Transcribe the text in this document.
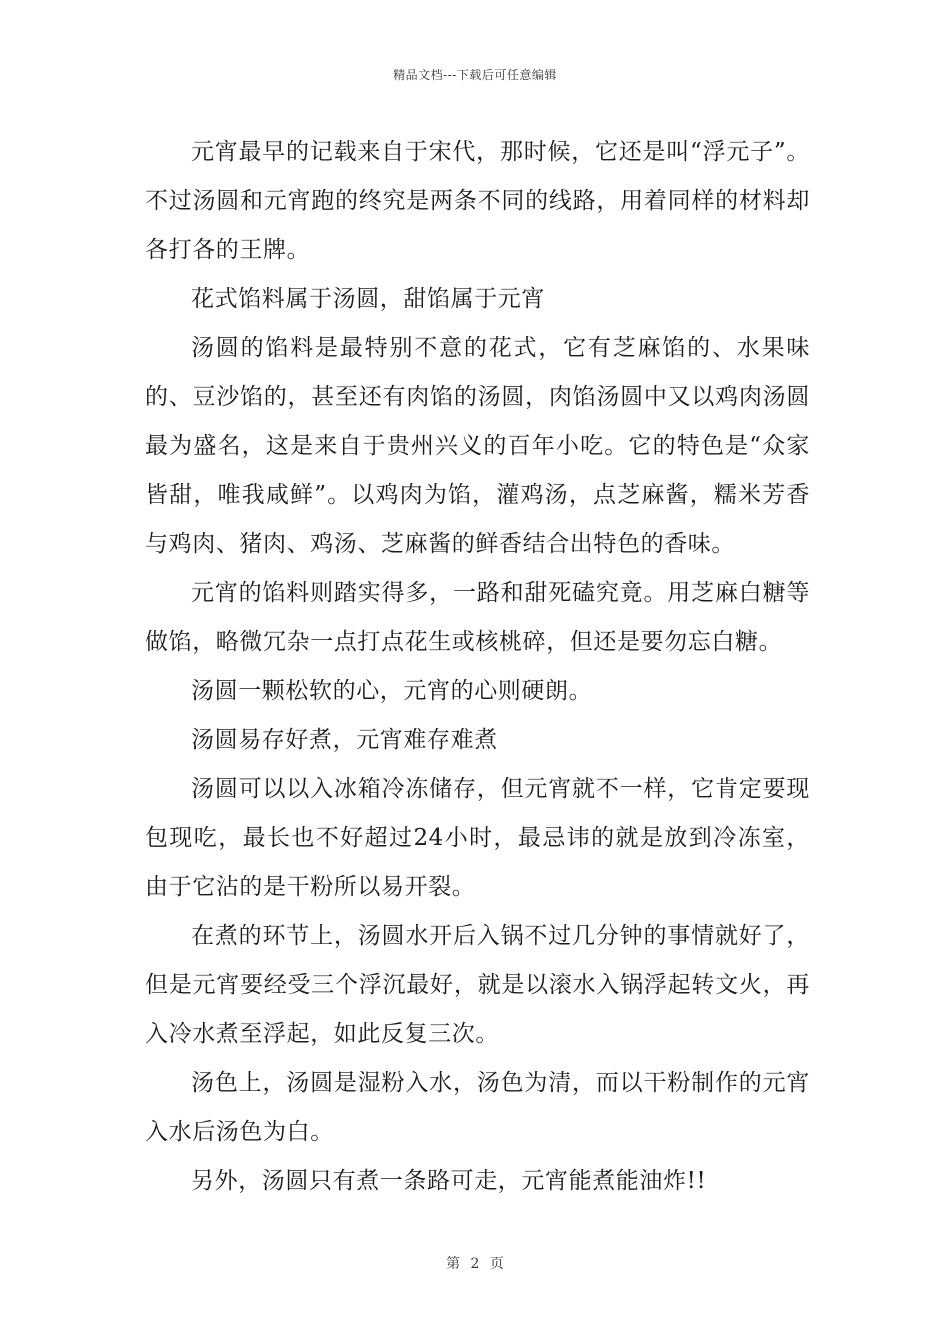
精品文档---下载后可任意编辑

元宵最早的记载来自于宋代，那时候，它还是叫“浮元子”。不过汤圆和元宵跑的终究是两条不同的线路，用着同样的材料却各打各的王牌。

花式馅料属于汤圆，甜馅属于元宵

汤圆的馅料是最特别不意的花式，它有芝麻馅的、水果味的、豆沙馅的，甚至还有肉馅的汤圆，肉馅汤圆中又以鸡肉汤圆最为盛名，这是来自于贵州兴义的百年小吃。它的特色是“众家皆甜，唯我咸鲜”。以鸡肉为馅，灌鸡汤，点芝麻酱，糯米芳香与鸡肉、猪肉、鸡汤、芝麻酱的鲜香结合出特色的香味。

元宵的馅料则踏实得多，一路和甜死磕究竟。用芝麻白糖等做馅，略微冗杂一点打点花生或核桃碎，但还是要勿忘白糖。

汤圆一颗松软的心，元宵的心则硬朗。

汤圆易存好煮，元宵难存难煮

汤圆可以以入冰箱冷冻储存，但元宵就不一样，它肯定要现包现吃，最长也不好超过24小时，最忌讳的就是放到冷冻室，由于它沾的是干粉所以易开裂。

在煮的环节上，汤圆水开后入锅不过几分钟的事情就好了，但是元宵要经受三个浮沉最好，就是以滚水入锅浮起转文火，再入冷水煮至浮起，如此反复三次。

汤色上，汤圆是湿粉入水，汤色为清，而以干粉制作的元宵入水后汤色为白。

另外，汤圆只有煮一条路可走，元宵能煮能油炸!!

第 2 页
